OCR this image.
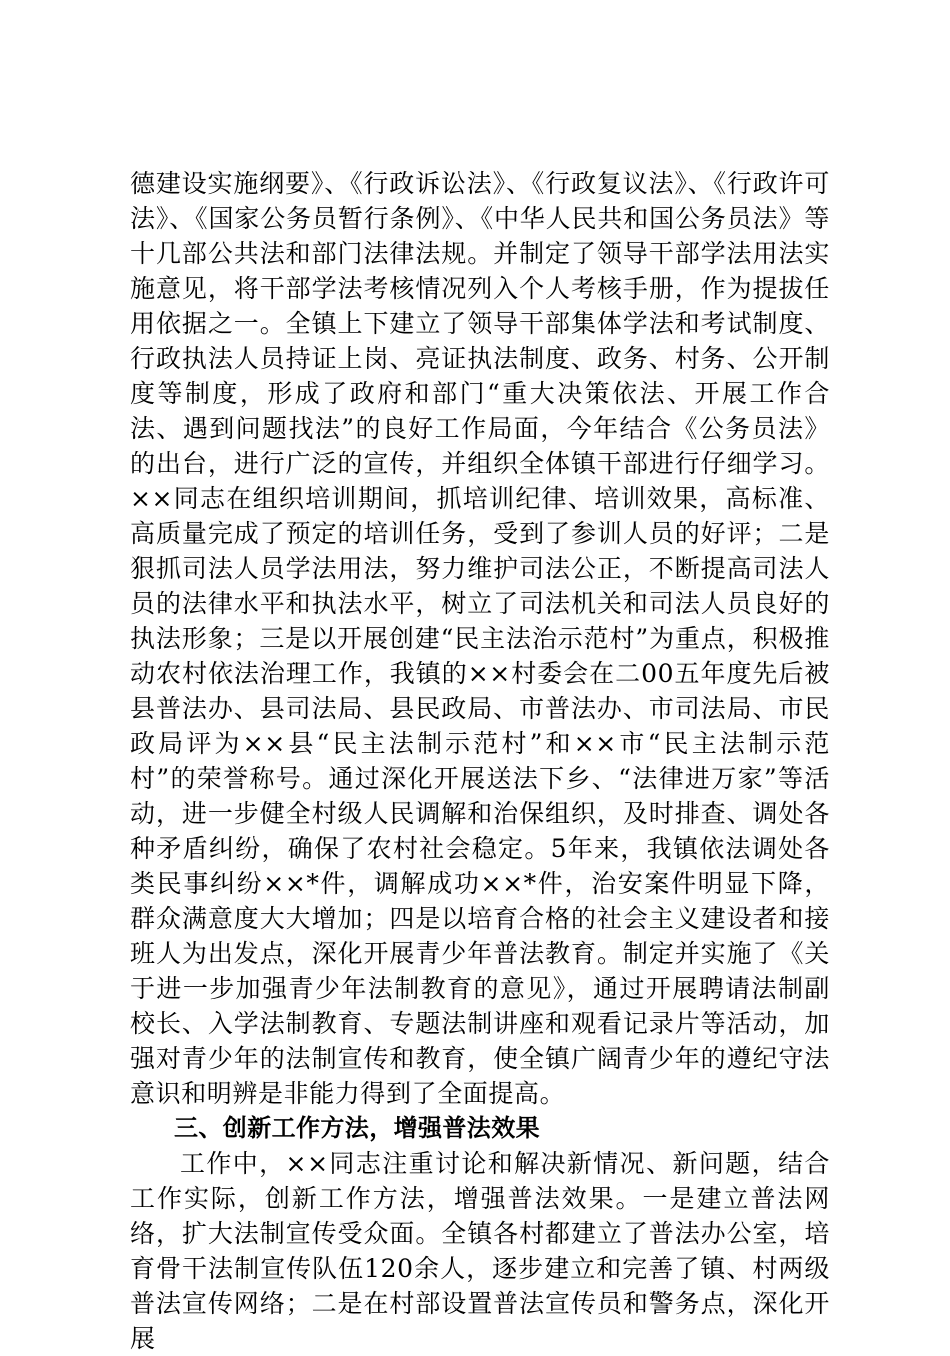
德建设实施纲要》、《行政诉讼法》、《行政复议法》、《行政许可法》、《国家公务员暂行条例》、《中华人民共和国公务员法》等十几部公共法和部门法律法规。并制定了领导干部学法用法实施意见，将干部学法考核情况列入个人考核手册，作为提拔任用依据之一。全镇上下建立了领导干部集体学法和考试制度、行政执法人员持证上岗、亮证执法制度、政务、村务、公开制度等制度，形成了政府和部门“重大决策依法、开展工作合法、遇到问题找法”的良好工作局面，今年结合《公务员法》的出台，进行广泛的宣传，并组织全体镇干部进行仔细学习。××同志在组织培训期间，抓培训纪律、培训效果，高标准、高质量完成了预定的培训任务，受到了参训人员的好评；二是狠抓司法人员学法用法，努力维护司法公正，不断提高司法人员的法律水平和执法水平，树立了司法机关和司法人员良好的执法形象；三是以开展创建“民主法治示范村”为重点，积极推动农村依法治理工作，我镇的××村委会在二00五年度先后被县普法办、县司法局、县民政局、市普法办、市司法局、市民政局评为××县“民主法制示范村”和××市“民主法制示范村”的荣誉称号。通过深化开展送法下乡、“法律进万家”等活动，进一步健全村级人民调解和治保组织，及时排查、调处各种矛盾纠纷，确保了农村社会稳定。5年来，我镇依法调处各类民事纠纷××*件，调解成功××*件，治安案件明显下降，群众满意度大大增加；四是以培育合格的社会主义建设者和接班人为出发点，深化开展青少年普法教育。制定并实施了《关于进一步加强青少年法制教育的意见》，通过开展聘请法制副校长、入学法制教育、专题法制讲座和观看记录片等活动，加强对青少年的法制宣传和教育，使全镇广阔青少年的遵纪守法意识和明辨是非能力得到了全面提高。

三、创新工作方法，增强普法效果

工作中，××同志注重讨论和解决新情况、新问题，结合工作实际，创新工作方法，增强普法效果。一是建立普法网络，扩大法制宣传受众面。全镇各村都建立了普法办公室，培育骨干法制宣传队伍120余人，逐步建立和完善了镇、村两级普法宣传网络；二是在村部设置普法宣传员和警务点，深化开展
